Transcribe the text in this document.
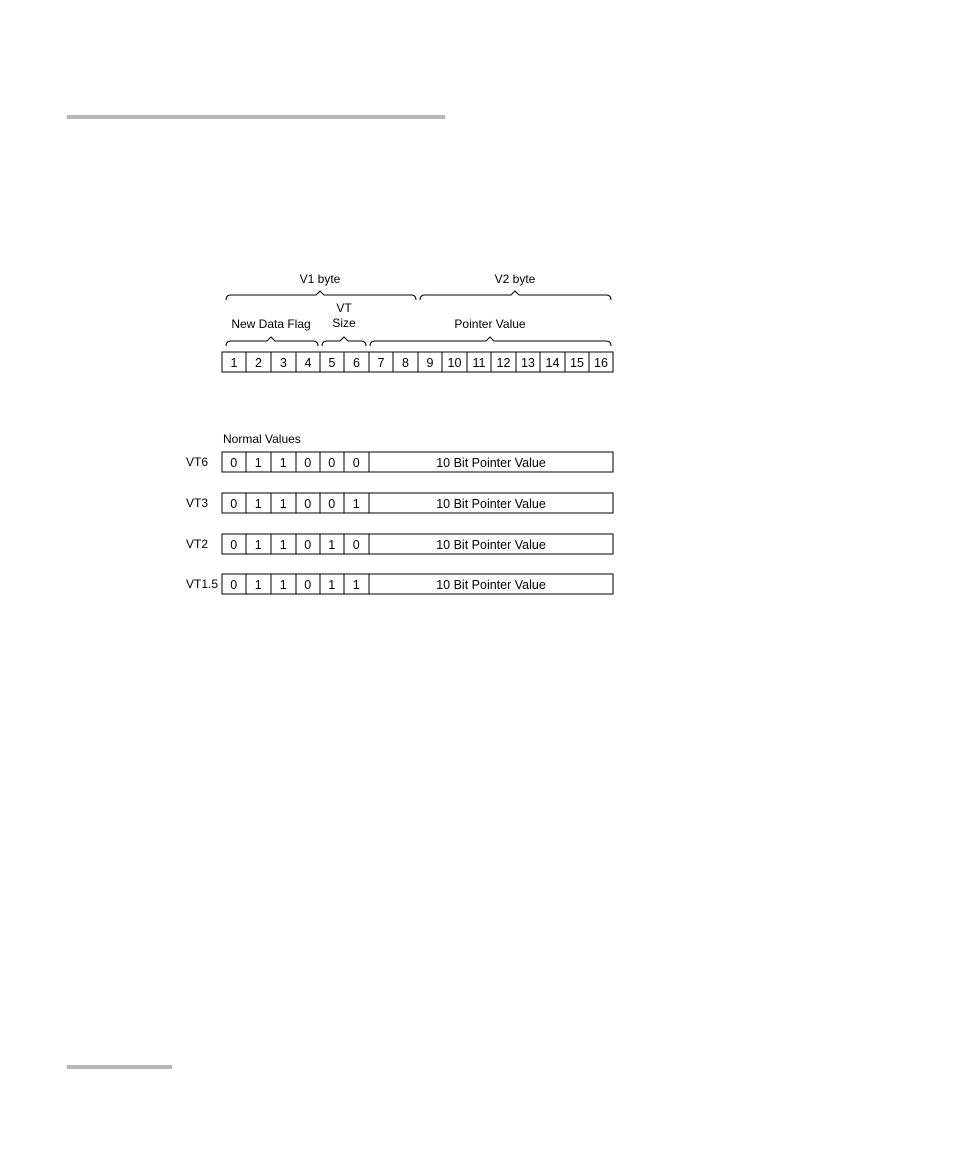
V1 byte	V2 byte
New Data Flag
VT
Size	Pointer Value
1 2 3 4 5 6 7 8 9 10 11 12 13 14 15 16
Normal Values
VT6 0 1 1 0 0 0	10 Bit Pointer Value
VT3 0 1 1 0 0 1	10 Bit Pointer Value
VT2 0 1 1 0 1 0	10 Bit Pointer Value
VT1.5 0 1 1 0 1 1	10 Bit Pointer Value
